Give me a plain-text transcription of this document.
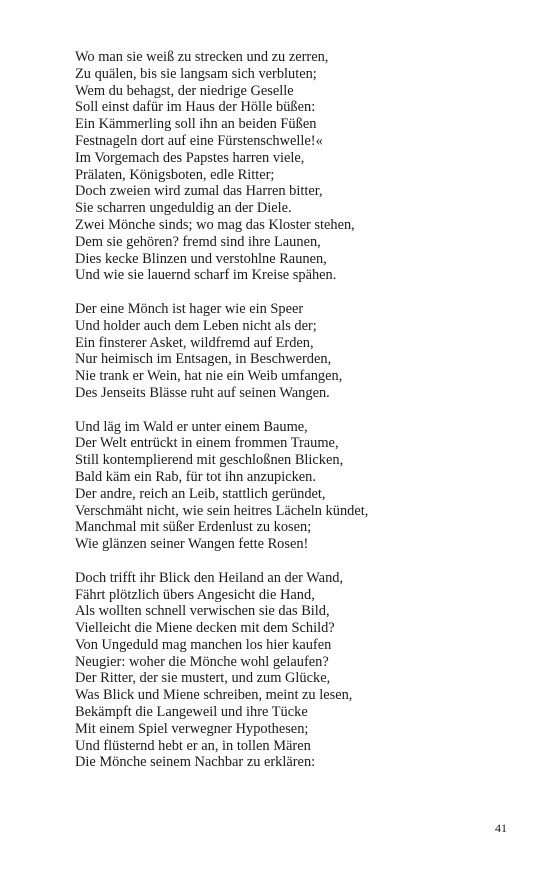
Wo man sie weiß zu strecken und zu zerren,
Zu quälen, bis sie langsam sich verbluten;
Wem du behagst, der niedrige Geselle
Soll einst dafür im Haus der Hölle büßen:
Ein Kämmerling soll ihn an beiden Füßen
Festnageln dort auf eine Fürstenschwelle!«
Im Vorgemach des Papstes harren viele,
Prälaten, Königsboten, edle Ritter;
Doch zweien wird zumal das Harren bitter,
Sie scharren ungeduldig an der Diele.
Zwei Mönche sinds; wo mag das Kloster stehen,
Dem sie gehören? fremd sind ihre Launen,
Dies kecke Blinzen und verstohlne Raunen,
Und wie sie lauernd scharf im Kreise spähen.
Der eine Mönch ist hager wie ein Speer
Und holder auch dem Leben nicht als der;
Ein finsterer Asket, wildfremd auf Erden,
Nur heimisch im Entsagen, in Beschwerden,
Nie trank er Wein, hat nie ein Weib umfangen,
Des Jenseits Blässe ruht auf seinen Wangen.
Und läg im Wald er unter einem Baume,
Der Welt entrückt in einem frommen Traume,
Still kontemplierend mit geschloßnen Blicken,
Bald käm ein Rab, für tot ihn anzupicken.
Der andre, reich an Leib, stattlich geründet,
Verschmäht nicht, wie sein heitres Lächeln kündet,
Manchmal mit süßer Erdenlust zu kosen;
Wie glänzen seiner Wangen fette Rosen!
Doch trifft ihr Blick den Heiland an der Wand,
Fährt plötzlich übers Angesicht die Hand,
Als wollten schnell verwischen sie das Bild,
Vielleicht die Miene decken mit dem Schild?
Von Ungeduld mag manchen los hier kaufen
Neugier: woher die Mönche wohl gelaufen?
Der Ritter, der sie mustert, und zum Glücke,
Was Blick und Miene schreiben, meint zu lesen,
Bekämpft die Langeweil und ihre Tücke
Mit einem Spiel verwegner Hypothesen;
Und flüsternd hebt er an, in tollen Mären
Die Mönche seinem Nachbar zu erklären:
41
